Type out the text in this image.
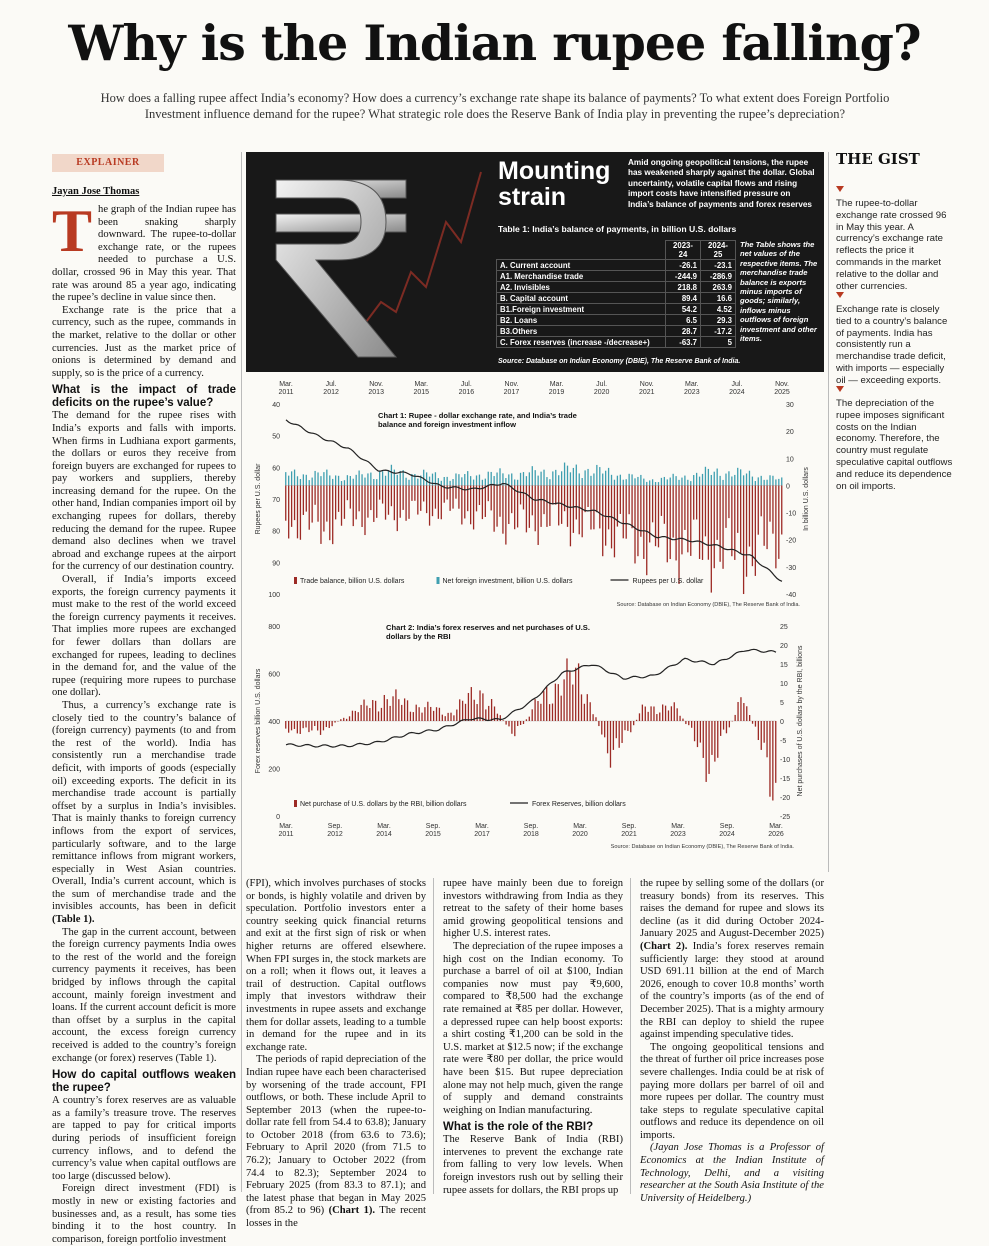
Why is the Indian rupee falling?
How does a falling rupee affect India’s economy? How does a currency’s exchange rate shape its balance of payments? To what extent does Foreign Portfolio Investment influence demand for the rupee? What strategic role does the Reserve Bank of India play in preventing the rupee’s depreciation?
EXPLAINER
Jayan Jose Thomas
T he graph of the Indian rupee has been snaking sharply downward. The rupee-to-dollar exchange rate, or the rupees needed to purchase a U.S. dollar, crossed 96 in May this year. That rate was around 85 a year ago, indicating the rupee’s decline in value since then.

Exchange rate is the price that a currency, such as the rupee, commands in the market, relative to the dollar or other currencies. Just as the market price of onions is determined by demand and supply, so is the price of a currency.

What is the impact of trade deficits on the rupee’s value?

The demand for the rupee rises with India’s exports and falls with imports. When firms in Ludhiana export garments, the dollars or euros they receive from foreign buyers are exchanged for rupees to pay workers and suppliers, thereby increasing demand for the rupee. On the other hand, Indian companies import oil by exchanging rupees for dollars, thereby reducing the demand for the rupee. Rupee demand also declines when we travel abroad and exchange rupees at the airport for the currency of our destination country.

Overall, if India’s imports exceed exports, the foreign currency payments it must make to the rest of the world exceed the foreign currency payments it receives. That implies more rupees are exchanged for fewer dollars than dollars are exchanged for rupees, leading to declines in the demand for, and the value of the rupee (requiring more rupees to purchase one dollar).

Thus, a currency’s exchange rate is closely tied to the country’s balance of (foreign currency) payments (to and from the rest of the world). India has consistently run a merchandise trade deficit, with imports of goods (especially oil) exceeding exports. The deficit in its merchandise trade account is partially offset by a surplus in India’s invisibles. That is mainly thanks to foreign currency inflows from the export of services, particularly software, and to the large remittance inflows from migrant workers, especially in West Asian countries. Overall, India’s current account, which is the sum of merchandise trade and the invisibles accounts, has been in deficit (Table 1).

The gap in the current account, between the foreign currency payments India owes to the rest of the world and the foreign currency payments it receives, has been bridged by inflows through the capital account, mainly foreign investment and loans. If the current account deficit is more than offset by a surplus in the capital account, the excess foreign currency received is added to the country’s foreign exchange (or forex) reserves (Table 1).

How do capital outflows weaken the rupee?

A country’s forex reserves are as valuable as a family’s treasure trove. The reserves are tapped to pay for critical imports during periods of insufficient foreign currency inflows, and to defend the currency’s value when capital outflows are too large (discussed below).

Foreign direct investment (FDI) is mostly in new or existing factories and businesses and, as a result, has some ties binding it to the host country. In comparison, foreign portfolio investment

Mounting
strain
Amid ongoing geopolitical tensions, the rupee has weakened sharply against the dollar. Global uncertainty, volatile capital flows and rising import costs have intensified pressure on India’s balance of payments and forex reserves
Table 1: India’s balance of payments, in billion U.S. dollars
	2023-24	2024-25
A. Current account	-26.1	-23.1
A1. Merchandise trade	-244.9	-286.9
A2. Invisibles	218.8	263.9
B. Capital account	89.4	16.6
B1.Foreign investment	54.2	4.52
B2. Loans	6.5	29.3
B3.Others	28.7	-17.2
C. Forex reserves (increase -/decrease+)	-63.7	5
The Table shows the net values of the respective items. The merchandise trade balance is exports minus imports of goods; similarly, inflows minus outflows of foreign investment and other items.
Source: Database on Indian Economy (DBIE), The Reserve Bank of India.
Mar.
2011
Jul.
2012
Nov.
2013
Mar.
2015
Jul.
2016
Nov.
2017
Mar.
2019
Jul.
2020
Nov.
2021
Mar.
2023
Jul.
2024
Nov.
2025
40
50
60
70
80
90
100
30
20
10
0
-10
-20
-30
-40
Rupees per U.S. dollar	In billion U.S. dollars
Chart 1: Rupee - dollar exchange rate, and India’s trade
balance and foreign investment inflow
Trade balance, billion U.S. dollars	Net foreign investment, billion U.S. dollars	Rupees per U.S. dollar
Source: Database on Indian Economy (DBIE), The Reserve Bank of India.
Mar.
2011
Sep.
2012
Mar.
2014
Sep.
2015
Mar.
2017
Sep.
2018
Mar.
2020
Sep.
2021
Mar.
2023
Sep.
2024
Mar.
2026
800
600
400
200
0
25
20
15
10
5
0
-5
-10
-15
-20
-25
Forex reserves billion U.S. dollars	Net purchases of U.S. dollars by the RBI, billions
Chart 2: India’s forex reserves and net purchases of U.S.
dollars by the RBI
Net purchase of U.S. dollars by the RBI, billion dollars	Forex Reserves, billion dollars
Source: Database on Indian Economy (DBIE), The Reserve Bank of India.
THE GIST
The rupee-to-dollar exchange rate crossed 96 in May this year. A currency’s exchange rate reflects the price it commands in the market relative to the dollar and other currencies.
Exchange rate is closely tied to a country’s balance of payments. India has consistently run a merchandise trade deficit, with imports — especially oil — exceeding exports.
The depreciation of the rupee imposes significant costs on the Indian economy. Therefore, the country must regulate speculative capital outflows and reduce its dependence on oil imports.

(FPI), which involves purchases of stocks or bonds, is highly volatile and driven by speculation. Portfolio investors enter a country seeking quick financial returns and exit at the first sign of risk or when higher returns are offered elsewhere. When FPI surges in, the stock markets are on a roll; when it flows out, it leaves a trail of destruction. Capital outflows imply that investors withdraw their investments in rupee assets and exchange them for dollar assets, leading to a tumble in demand for the rupee and in its exchange rate.

The periods of rapid depreciation of the Indian rupee have each been characterised by worsening of the trade account, FPI outflows, or both. These include April to September 2013 (when the rupee-to-dollar rate fell from 54.4 to 63.8); January to October 2018 (from 63.6 to 73.6); February to April 2020 (from 71.5 to 76.2); January to October 2022 (from 74.4 to 82.3); September 2024 to February 2025 (from 83.3 to 87.1); and the latest phase that began in May 2025 (from 85.2 to 96) (Chart 1). The recent losses in the

rupee have mainly been due to foreign investors withdrawing from India as they retreat to the safety of their home bases amid growing geopolitical tensions and higher U.S. interest rates.

The depreciation of the rupee imposes a high cost on the Indian economy. To purchase a barrel of oil at $100, Indian companies now must pay ₹9,600, compared to ₹8,500 had the exchange rate remained at ₹85 per dollar. However, a depressed rupee can help boost exports: a shirt costing ₹1,200 can be sold in the U.S. market at $12.5 now; if the exchange rate were ₹80 per dollar, the price would have been $15. But rupee depreciation alone may not help much, given the range of supply and demand constraints weighing on Indian manufacturing.

What is the role of the RBI?

The Reserve Bank of India (RBI) intervenes to prevent the exchange rate from falling to very low levels. When foreign investors rush out by selling their rupee assets for dollars, the RBI props up

the rupee by selling some of the dollars (or treasury bonds) from its reserves. This raises the demand for rupee and slows its decline (as it did during October 2024-January 2025 and August-December 2025) (Chart 2). India’s forex reserves remain sufficiently large: they stood at around USD 691.11 billion at the end of March 2026, enough to cover 10.8 months’ worth of the country’s imports (as of the end of December 2025). That is a mighty armoury the RBI can deploy to shield the rupee against impending speculative tides.

The ongoing geopolitical tensions and the threat of further oil price increases pose severe challenges. India could be at risk of paying more dollars per barrel of oil and more rupees per dollar. The country must take steps to regulate speculative capital outflows and reduce its dependence on oil imports.

(Jayan Jose Thomas is a Professor of Economics at the Indian Institute of Technology, Delhi, and a visiting researcher at the South Asia Institute of the University of Heidelberg.)
